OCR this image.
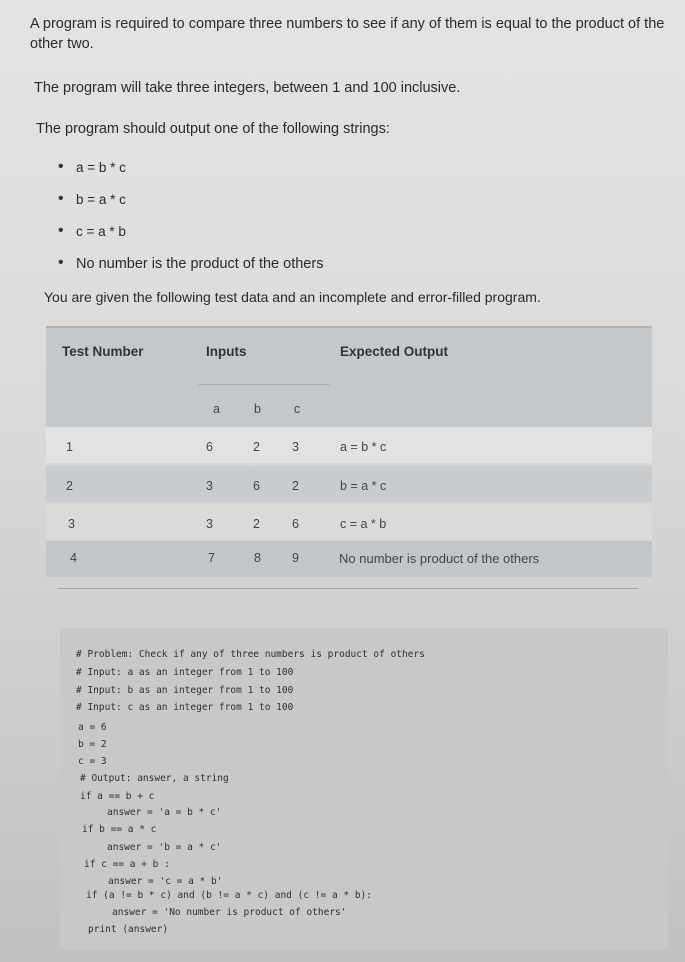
A program is required to compare three numbers to see if any of them is equal to the product of the other two.
The program will take three integers, between 1 and 100 inclusive.
The program should output one of the following strings:
• a = b * c
• b = a * c
• c = a * b
• No number is the product of the others
You are given the following test data and an incomplete and error-filled program.
Test Number	Inputs	Expected Output
a	b	c
1	6	2	3	a = b * c
2	3	6	2	b = a * c
3	3	2	6	c = a * b
4	7	8 9	No number is product of the others
# Problem: Check if any of three numbers is product of others
# Input: a as an integer from 1 to 100
# Input: b as an integer from 1 to 100
# Input: c as an integer from 1 to 100
a = 6
b = 2
c = 3
# Output: answer, a string
if a == b + c
answer = 'a = b * c'
if b == a * c
answer = 'b = a * c'
if c == a + b :
answer = 'c = a * b'
if (a != b * c) and (b != a * c) and (c != a * b):
answer = 'No number is product of others'
print (answer)
